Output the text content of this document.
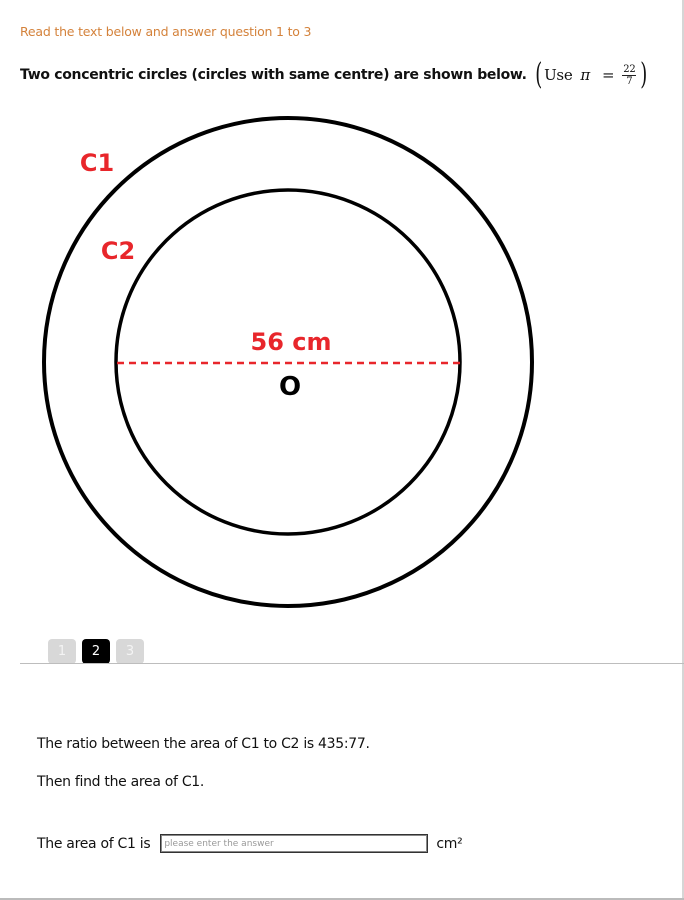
Read the text below and answer question 1 to 3
Two concentric circles (circles with same centre) are shown below. ( Use $\pi = \frac{22}{7}$ )
C1
C2
56 cm
O
1	2	3
The ratio between the area of C1 to C2 is 435:77.
Then find the area of C1.
The area of C1 is
please enter the answer	cm²
